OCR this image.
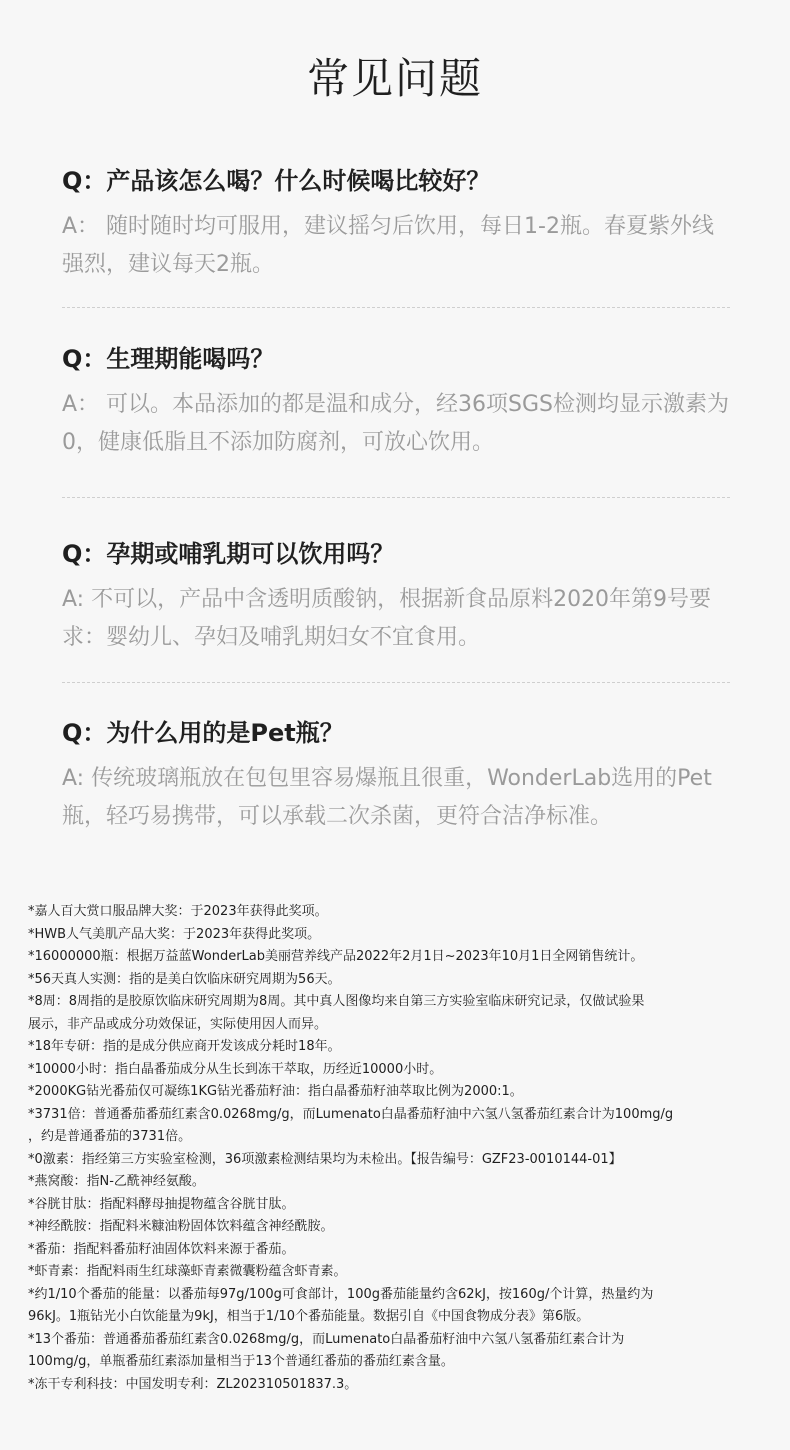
常见问题

Q：产品该怎么喝？什么时候喝比较好？

A： 随时随时均可服用，建议摇匀后饮用，每日1-2瓶。春夏紫外线强烈，建议每天2瓶。

Q：生理期能喝吗？

A： 可以。本品添加的都是温和成分，经36项SGS检测均显示激素为0，健康低脂且不添加防腐剂，可放心饮用。

Q：孕期或哺乳期可以饮用吗？

A: 不可以，产品中含透明质酸钠，根据新食品原料2020年第9号要求：婴幼儿、孕妇及哺乳期妇女不宜食用。

Q：为什么用的是Pet瓶？

A: 传统玻璃瓶放在包包里容易爆瓶且很重，WonderLab选用的Pet瓶，轻巧易携带，可以承载二次杀菌，更符合洁净标准。
*嘉人百大赏口服品牌大奖：于2023年获得此奖项。
*HWB人气美肌产品大奖：于2023年获得此奖项。
*16000000瓶：根据万益蓝WonderLab美丽营养线产品2022年2月1日~2023年10月1日全网销售统计。
*56天真人实测：指的是美白饮临床研究周期为56天。
*8周：8周指的是胶原饮临床研究周期为8周。其中真人图像均来自第三方实验室临床研究记录，仅做试验果
展示，非产品或成分功效保证，实际使用因人而异。
*18年专研：指的是成分供应商开发该成分耗时18年。
*10000小时：指白晶番茄成分从生长到冻干萃取，历经近10000小时。
*2000KG钻光番茄仅可凝练1KG钻光番茄籽油：指白晶番茄籽油萃取比例为2000:1。
*3731倍：普通番茄番茄红素含0.0268mg/g，而Lumenato白晶番茄籽油中六氢八氢番茄红素合计为100mg/g
，约是普通番茄的3731倍。
*0激素：指经第三方实验室检测，36项激素检测结果均为未检出。【报告编号：GZF23-0010144-01】
*燕窝酸：指N-乙酰神经氨酸。
*谷胱甘肽：指配料酵母抽提物蕴含谷胱甘肽。
*神经酰胺：指配料米糠油粉固体饮料蕴含神经酰胺。
*番茄：指配料番茄籽油固体饮料来源于番茄。
*虾青素：指配料雨生红球藻虾青素微囊粉蕴含虾青素。
*约1/10个番茄的能量：以番茄每97g/100g可食部计，100g番茄能量约含62kJ，按160g/个计算，热量约为
96kJ。1瓶钻光小白饮能量为9kJ，相当于1/10个番茄能量。数据引自《中国食物成分表》第6版。
*13个番茄：普通番茄番茄红素含0.0268mg/g，而Lumenato白晶番茄籽油中六氢八氢番茄红素合计为
100mg/g，单瓶番茄红素添加量相当于13个普通红番茄的番茄红素含量。
*冻干专利科技：中国发明专利：ZL202310501837.3。
